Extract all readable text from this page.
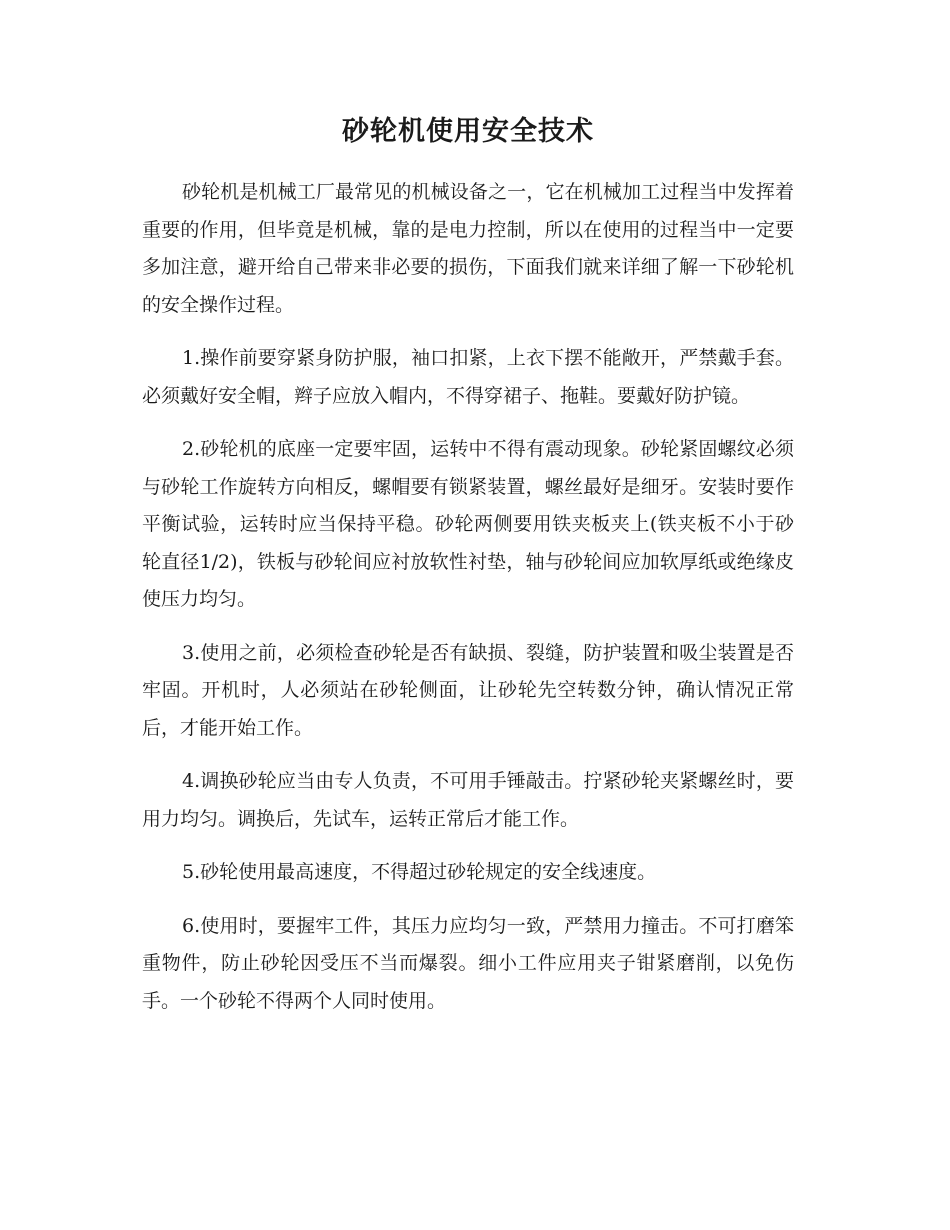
砂轮机使用安全技术

砂轮机是机械工厂最常见的机械设备之一，它在机械加工过程当中发挥着重要的作用，但毕竟是机械，靠的是电力控制，所以在使用的过程当中一定要多加注意，避开给自己带来非必要的损伤，下面我们就来详细了解一下砂轮机的安全操作过程。

1.操作前要穿紧身防护服，袖口扣紧，上衣下摆不能敞开，严禁戴手套。必须戴好安全帽，辫子应放入帽内，不得穿裙子、拖鞋。要戴好防护镜。

2.砂轮机的底座一定要牢固，运转中不得有震动现象。砂轮紧固螺纹必须与砂轮工作旋转方向相反，螺帽要有锁紧装置，螺丝最好是细牙。安装时要作平衡试验，运转时应当保持平稳。砂轮两侧要用铁夹板夹上(铁夹板不小于砂轮直径1/2)，铁板与砂轮间应衬放软性衬垫，轴与砂轮间应加软厚纸或绝缘皮使压力均匀。

3.使用之前，必须检查砂轮是否有缺损、裂缝，防护装置和吸尘装置是否牢固。开机时，人必须站在砂轮侧面，让砂轮先空转数分钟，确认情况正常后，才能开始工作。

4.调换砂轮应当由专人负责，不可用手锤敲击。拧紧砂轮夹紧螺丝时，要用力均匀。调换后，先试车，运转正常后才能工作。

5.砂轮使用最高速度，不得超过砂轮规定的安全线速度。

6.使用时，要握牢工件，其压力应均匀一致，严禁用力撞击。不可打磨笨重物件，防止砂轮因受压不当而爆裂。细小工件应用夹子钳紧磨削，以免伤手。一个砂轮不得两个人同时使用。
